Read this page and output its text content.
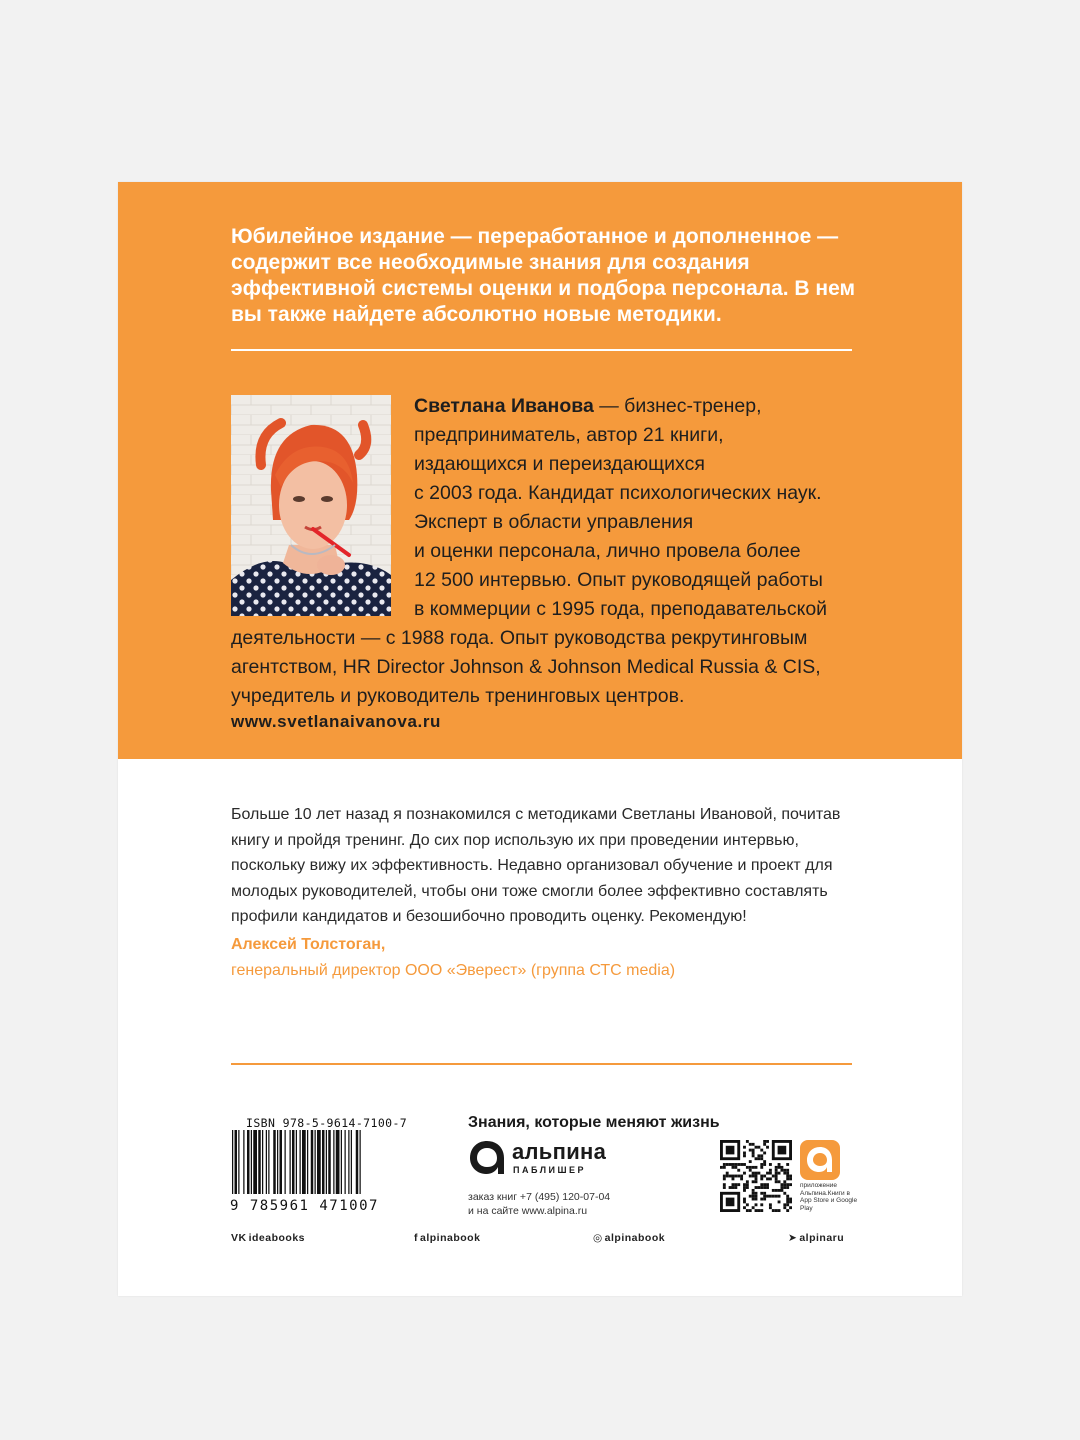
Юбилейное издание — переработанное и дополненное — содержит все необходимые знания для создания эффективной системы оценки и подбора персонала. В нем вы также найдете абсолютно новые методики.

Светлана Иванова — бизнес-тренер,
предприниматель, автор 21 книги,
издающихся и переиздающихся
с 2003 года. Кандидат психологических наук.
Эксперт в области управления
и оценки персонала, лично провела более
12 500 интервью. Опыт руководящей работы
в коммерции с 1995 года, преподавательской
деятельности — с 1988 года. Опыт руководства рекрутинговым
агентством, HR Director Johnson & Johnson Medical Russia & CIS,
учредитель и руководитель тренинговых центров.
www.svetlanaivanova.ru

Больше 10 лет назад я познакомился с методиками Светланы Ивановой, почитав книгу и пройдя тренинг. До сих пор использую их при проведении интервью, поскольку вижу их эффективность. Недавно организовал обучение и проект для молодых руководителей, чтобы они тоже смогли более эффективно составлять профили кандидатов и безошибочно проводить оценку. Рекомендую!

Алексей Толстоган,
генеральный директор ООО «Эверест» (группа СТС media)
ISBN 978-5-9614-7100-7
9 785961 471007
Знания, которые меняют жизнь
альпина
ПАБЛИШЕР
заказ книг +7 (495) 120-07-04
и на сайте www.alpina.ru
приложение Альпина.Книги в App Store и Google Play
VK ideabooks	f alpinabook	◎ alpinabook	➤ alpinaru
